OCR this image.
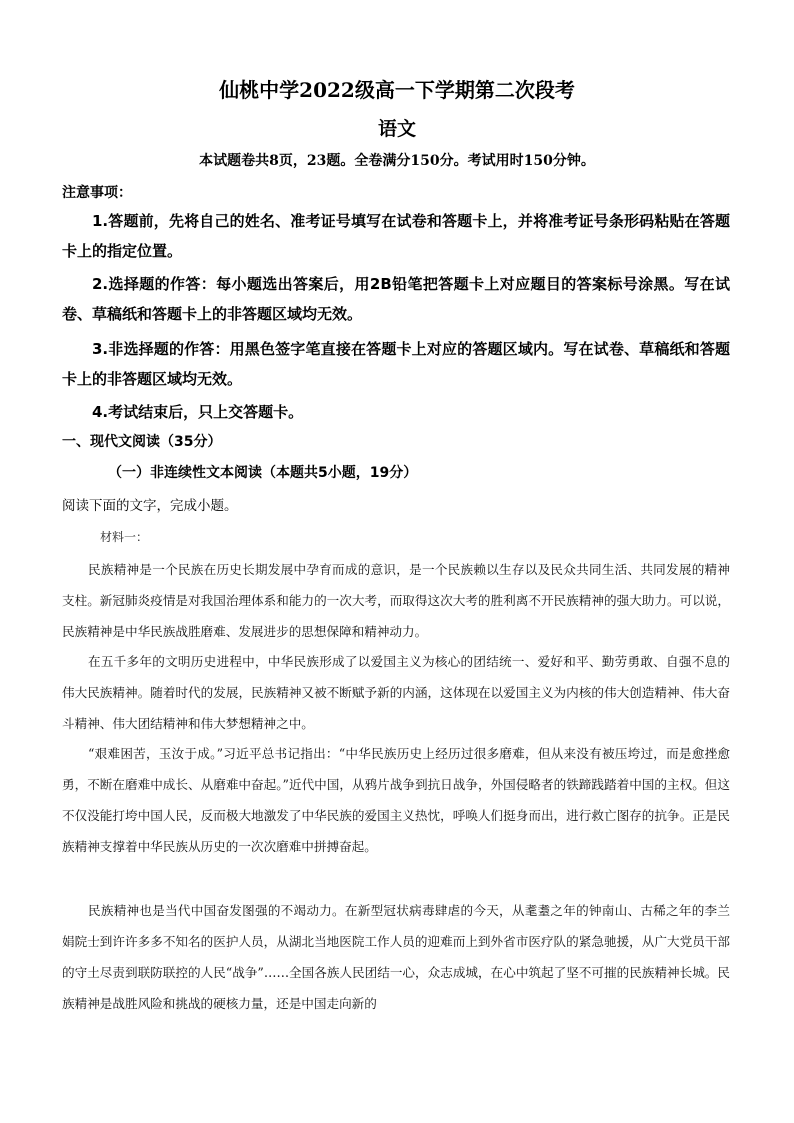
仙桃中学2022级高一下学期第二次段考
语文
本试题卷共8页，23题。全卷满分150分。考试用时150分钟。
注意事项：

1.答题前，先将自己的姓名、准考证号填写在试卷和答题卡上，并将准考证号条形码粘贴在答题卡上的指定位置。

2.选择题的作答：每小题选出答案后，用2B铅笔把答题卡上对应题目的答案标号涂黑。写在试卷、草稿纸和答题卡上的非答题区域均无效。

3.非选择题的作答：用黑色签字笔直接在答题卡上对应的答题区域内。写在试卷、草稿纸和答题卡上的非答题区域均无效。

4.考试结束后，只上交答题卡。

一、现代文阅读（35分）
（一）非连续性文本阅读（本题共5小题，19分）
阅读下面的文字，完成小题。
材料一：

民族精神是一个民族在历史长期发展中孕育而成的意识，是一个民族赖以生存以及民众共同生活、共同发展的精神支柱。新冠肺炎疫情是对我国治理体系和能力的一次大考，而取得这次大考的胜利离不开民族精神的强大助力。可以说，民族精神是中华民族战胜磨难、发展进步的思想保障和精神动力。

在五千多年的文明历史进程中，中华民族形成了以爱国主义为核心的团结统一、爱好和平、勤劳勇敢、自强不息的伟大民族精神。随着时代的发展，民族精神又被不断赋予新的内涵，这体现在以爱国主义为内核的伟大创造精神、伟大奋斗精神、伟大团结精神和伟大梦想精神之中。

“艰难困苦，玉汝于成。”习近平总书记指出：“中华民族历史上经历过很多磨难，但从来没有被压垮过，而是愈挫愈勇，不断在磨难中成长、从磨难中奋起。”近代中国，从鸦片战争到抗日战争，外国侵略者的铁蹄践踏着中国的主权。但这不仅没能打垮中国人民，反而极大地激发了中华民族的爱国主义热忱，呼唤人们挺身而出，进行救亡图存的抗争。正是民族精神支撑着中华民族从历史的一次次磨难中拼搏奋起。

民族精神也是当代中国奋发图强的不竭动力。在新型冠状病毒肆虐的今天，从耄耋之年的钟南山、古稀之年的李兰娟院士到许许多多不知名的医护人员，从湖北当地医院工作人员的迎难而上到外省市医疗队的紧急驰援，从广大党员干部的守土尽责到联防联控的人民“战争”……全国各族人民团结一心，众志成城，在心中筑起了坚不可摧的民族精神长城。民族精神是战胜风险和挑战的硬核力量，还是中国走向新的
